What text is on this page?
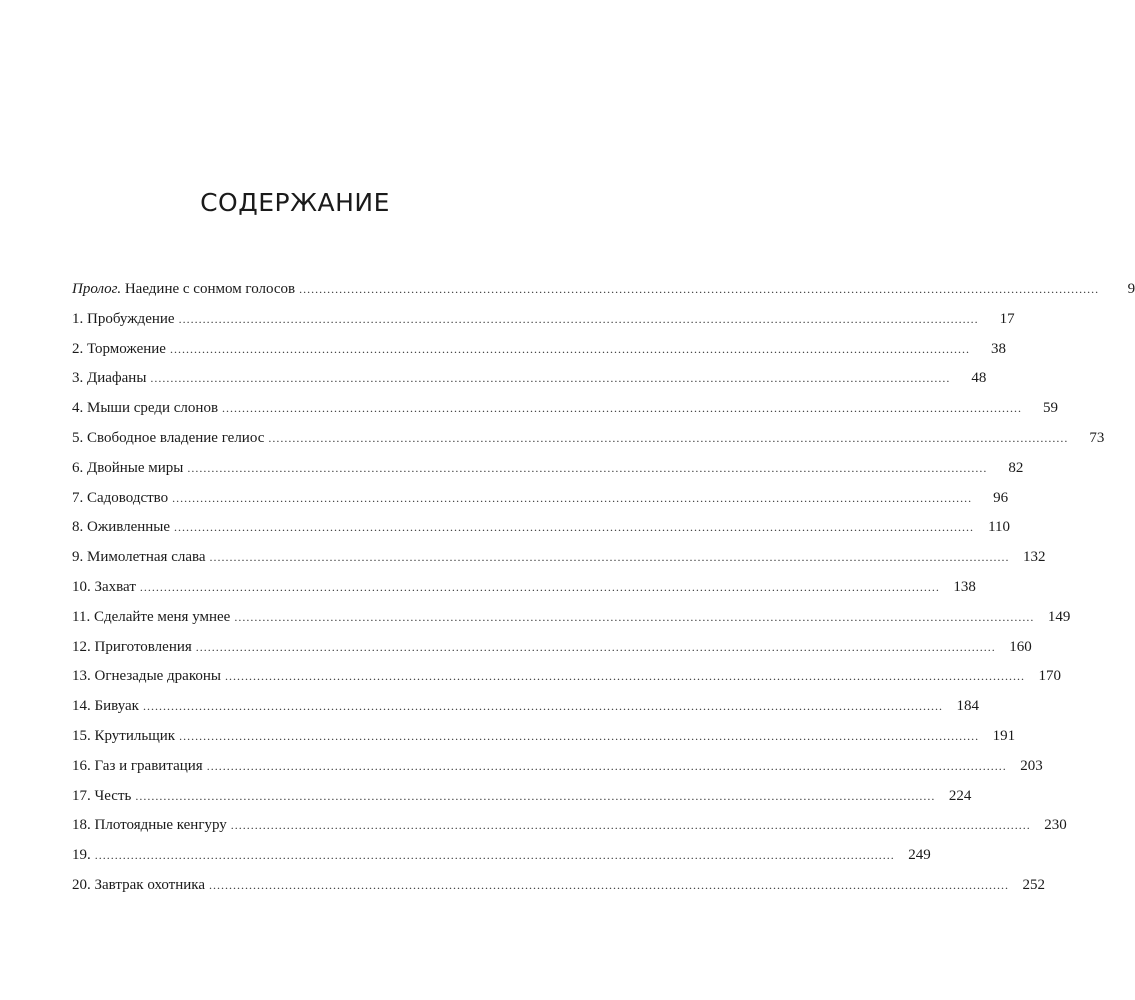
СОДЕРЖАНИЕ
Пролог. Наедине с сонмом голосов ........................................................................................................................................................................................................	9
1. Пробуждение ........................................................................................................................................................................................................	17
2. Торможение ........................................................................................................................................................................................................	38
3. Диафаны ........................................................................................................................................................................................................	48
4. Мыши среди слонов ........................................................................................................................................................................................................	59
5. Свободное владение гелиос ........................................................................................................................................................................................................	73
6. Двойные миры ........................................................................................................................................................................................................	82
7. Садоводство ........................................................................................................................................................................................................	96
8. Оживленные ........................................................................................................................................................................................................ 110
9. Мимолетная слава ........................................................................................................................................................................................................ 132
10. Захват ........................................................................................................................................................................................................ 138
11. Сделайте меня умнее ........................................................................................................................................................................................................ 149
12. Приготовления ........................................................................................................................................................................................................ 160
13. Огнезадые драконы ........................................................................................................................................................................................................ 170
14. Бивуак ........................................................................................................................................................................................................ 184
15. Крутильщик ........................................................................................................................................................................................................ 191
16. Газ и гравитация ........................................................................................................................................................................................................ 203
17. Честь ........................................................................................................................................................................................................ 224
18. Плотоядные кенгуру ........................................................................................................................................................................................................ 230
19. ........................................................................................................................................................................................................ 249
20. Завтрак охотника ........................................................................................................................................................................................................ 252
